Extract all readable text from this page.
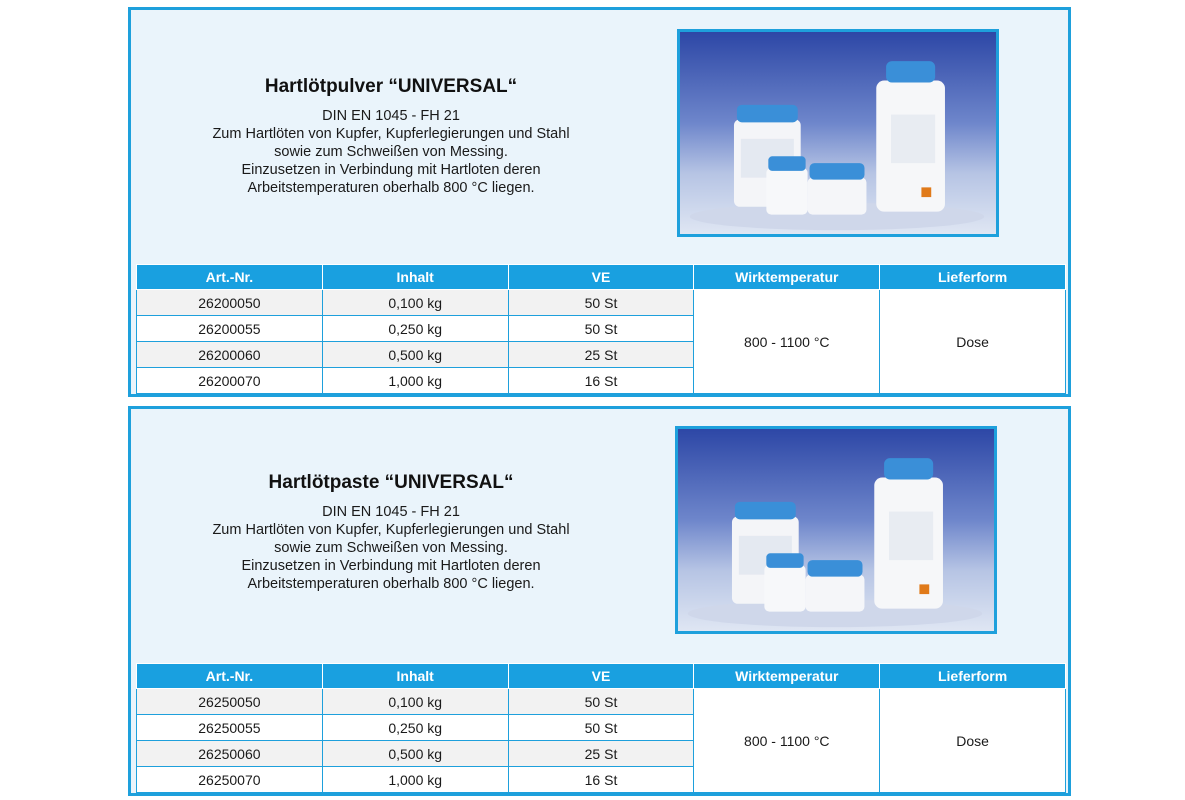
Hartlötpulver “UNIVERSAL“
DIN EN 1045 - FH 21
Zum Hartlöten von Kupfer, Kupferlegierungen und Stahl
sowie zum Schweißen von Messing.
Einzusetzen in Verbindung mit Hartloten deren
Arbeitstemperaturen oberhalb 800 °C liegen.
Art.-Nr.	Inhalt	VE	Wirktemperatur	Lieferform
26200050	0,100 kg	50 St	800 - 1100 °C	Dose
26200055	0,250 kg	50 St		
26200060	0,500 kg	25 St		
26200070	1,000 kg	16 St		
Hartlötpaste “UNIVERSAL“
DIN EN 1045 - FH 21
Zum Hartlöten von Kupfer, Kupferlegierungen und Stahl
sowie zum Schweißen von Messing.
Einzusetzen in Verbindung mit Hartloten deren
Arbeitstemperaturen oberhalb 800 °C liegen.
Art.-Nr.	Inhalt	VE	Wirktemperatur	Lieferform
26250050	0,100 kg	50 St	800 - 1100 °C	Dose
26250055	0,250 kg	50 St		
26250060	0,500 kg	25 St		
26250070	1,000 kg	16 St		
